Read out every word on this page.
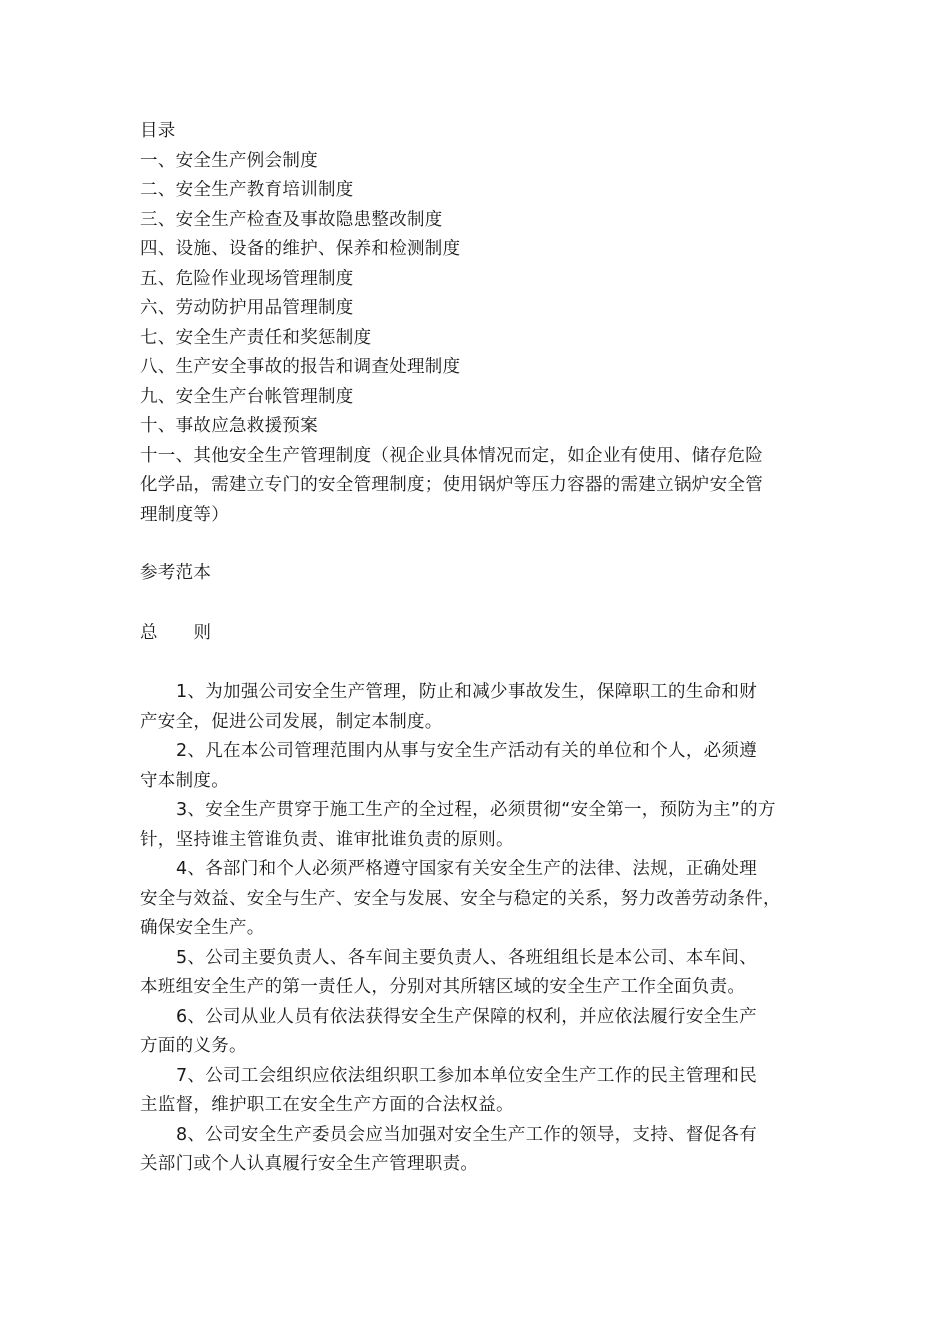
目录
一、安全生产例会制度
二、安全生产教育培训制度
三、安全生产检查及事故隐患整改制度
四、设施、设备的维护、保养和检测制度
五、危险作业现场管理制度
六、劳动防护用品管理制度
七、安全生产责任和奖惩制度
八、生产安全事故的报告和调查处理制度
九、安全生产台帐管理制度
十、事故应急救援预案
十一、其他安全生产管理制度（视企业具体情况而定，如企业有使用、储存危险
化学品，需建立专门的安全管理制度；使用锅炉等压力容器的需建立锅炉安全管
理制度等）
参考范本
总 则
1、为加强公司安全生产管理，防止和减少事故发生，保障职工的生命和财
产安全，促进公司发展，制定本制度。
2、凡在本公司管理范围内从事与安全生产活动有关的单位和个人，必须遵
守本制度。
3、安全生产贯穿于施工生产的全过程，必须贯彻“安全第一，预防为主”的方
针，坚持谁主管谁负责、谁审批谁负责的原则。
4、各部门和个人必须严格遵守国家有关安全生产的法律、法规，正确处理
安全与效益、安全与生产、安全与发展、安全与稳定的关系，努力改善劳动条件，
确保安全生产。
5、公司主要负责人、各车间主要负责人、各班组组长是本公司、本车间、
本班组安全生产的第一责任人，分别对其所辖区域的安全生产工作全面负责。
6、公司从业人员有依法获得安全生产保障的权利，并应依法履行安全生产
方面的义务。
7、公司工会组织应依法组织职工参加本单位安全生产工作的民主管理和民
主监督，维护职工在安全生产方面的合法权益。
8、公司安全生产委员会应当加强对安全生产工作的领导，支持、督促各有
关部门或个人认真履行安全生产管理职责。
